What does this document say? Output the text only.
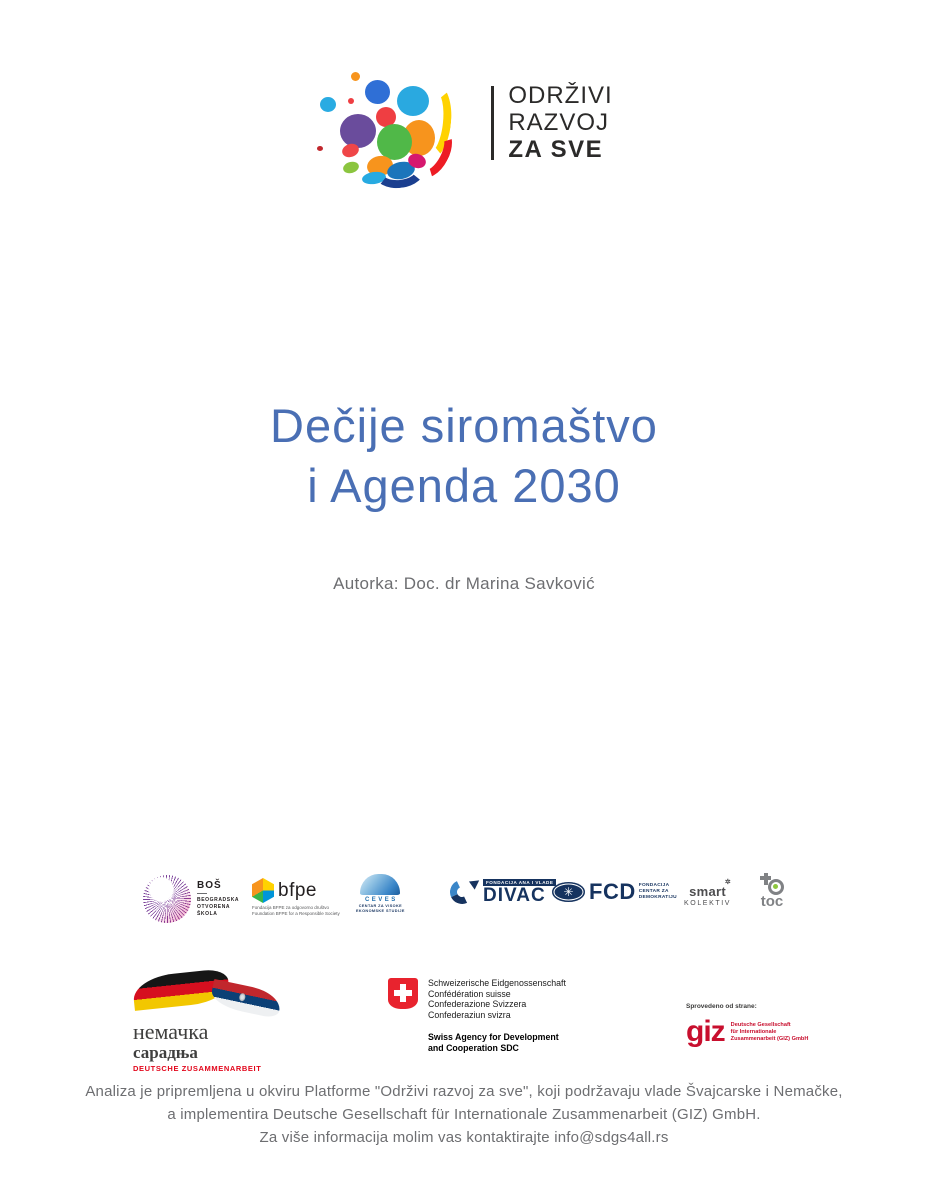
ODRŽIVI
RAZVOJ
ZA SVE
Dečije siromaštvo
i Agenda 2030

Autorka: Doc. dr Marina Savković

BOŠ
BEOGRADSKA
OTVORENA
ŠKOLA
bfpe
Fondacija BFPE za odgovorno društvo
Foundation BFPE for a Responsible Society
CEVES
CENTAR ZA VISOKE
EKONOMSKE STUDIJE
FONDACIJA ANA I VLADE
DIVAC	✳ FCD FONDACIJA
CENTAR ZA
DEMOKRATIJU smart
✲
KOLEKTIV toc
немачка
сарадња
DEUTSCHE ZUSAMMENARBEIT
Schweizerische Eidgenossenschaft
Confédération suisse
Confederazione Svizzera
Confederaziun svizra
Swiss Agency for Development
and Cooperation SDC
Sprovedeno od strane:
giz Deutsche Gesellschaft
für Internationale
Zusammenarbeit (GIZ) GmbH
Analiza je pripremljena u okviru Platforme "Održivi razvoj za sve", koji podržavaju vlade Švajcarske i Nemačke,
a implementira Deutsche Gesellschaft für Internationale Zusammenarbeit (GIZ) GmbH.
Za više informacija molim vas kontaktirajte info@sdgs4all.rs
